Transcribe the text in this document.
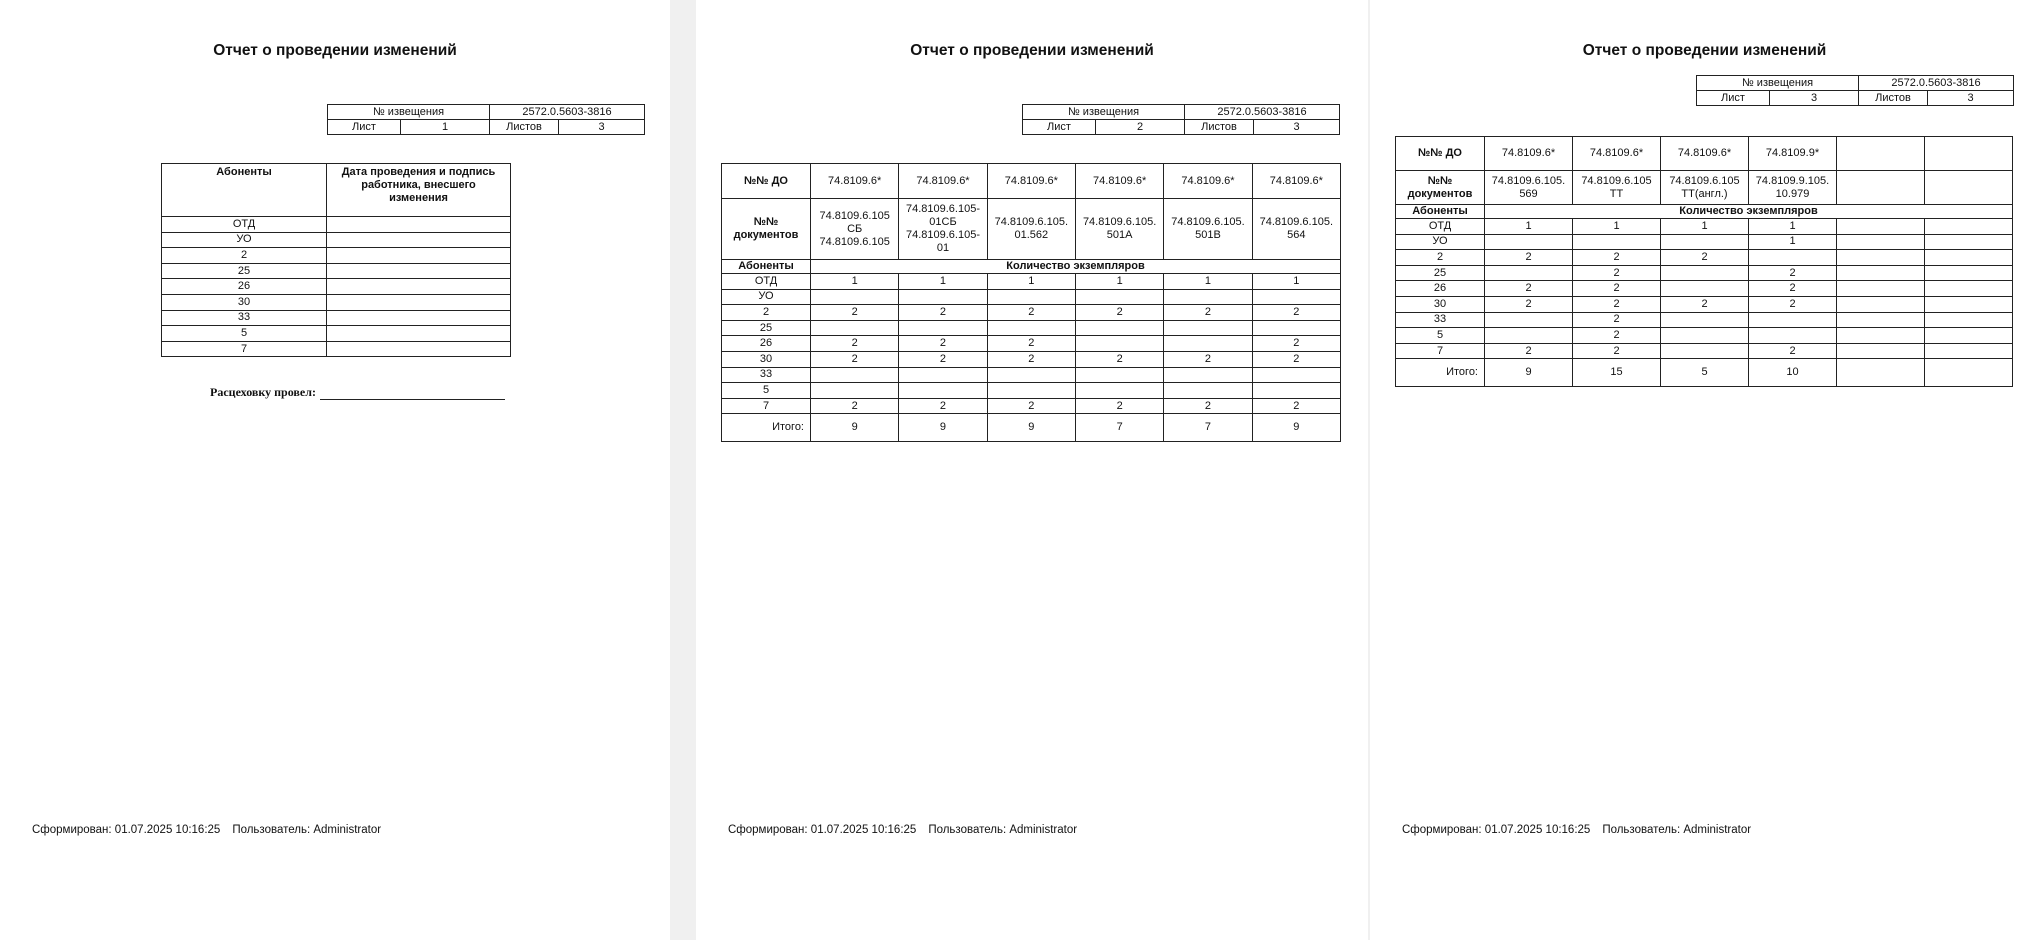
Отчет о проведении изменений
№ извещения		2572.0.5603-3816	
Лист	1	Листов	3
Абоненты	Дата проведения и подпись работника, внесшего изменения
ОТД	
УО	
2	
25	
26	
30	
33	
5	
7	
Расцеховку провел:
Сформирован: 01.07.2025 10:16:25 Пользователь: Administrator
Отчет о проведении изменений
№ извещения		2572.0.5603-3816	
Лист	2	Листов	3
№№ ДО	74.8109.6*	74.8109.6*	74.8109.6*	74.8109.6*	74.8109.6*	74.8109.6*
№№ документов	74.8109.6.105 СБ 74.8109.6.105	74.8109.6.105-01СБ 74.8109.6.105-01	74.8109.6.105. 01.562	74.8109.6.105. 501А	74.8109.6.105. 501В	74.8109.6.105. 564
Абоненты	Количество экземпляров					
ОТД	1	1	1	1	1	1
УО						
2	2	2	2	2	2	2
25						
26	2	2	2			2
30	2	2	2	2	2	2
33						
5						
7	2	2	2	2	2	2
Итого:	9	9	9	7	7	9
Сформирован: 01.07.2025 10:16:25 Пользователь: Administrator
Отчет о проведении изменений
№ извещения		2572.0.5603-3816	
Лист	3	Листов	3
№№ ДО	74.8109.6*	74.8109.6*	74.8109.6*	74.8109.9*		
№№ документов	74.8109.6.105. 569	74.8109.6.105 ТТ	74.8109.6.105 ТТ(англ.)	74.8109.9.105. 10.979		
Абоненты	Количество экземпляров					
ОТД	1	1	1	1		
УО				1		
2	2	2	2			
25		2		2		
26	2	2		2		
30	2	2	2	2		
33		2				
5		2				
7	2	2		2		
Итого:	9	15	5	10		
Сформирован: 01.07.2025 10:16:25 Пользователь: Administrator
